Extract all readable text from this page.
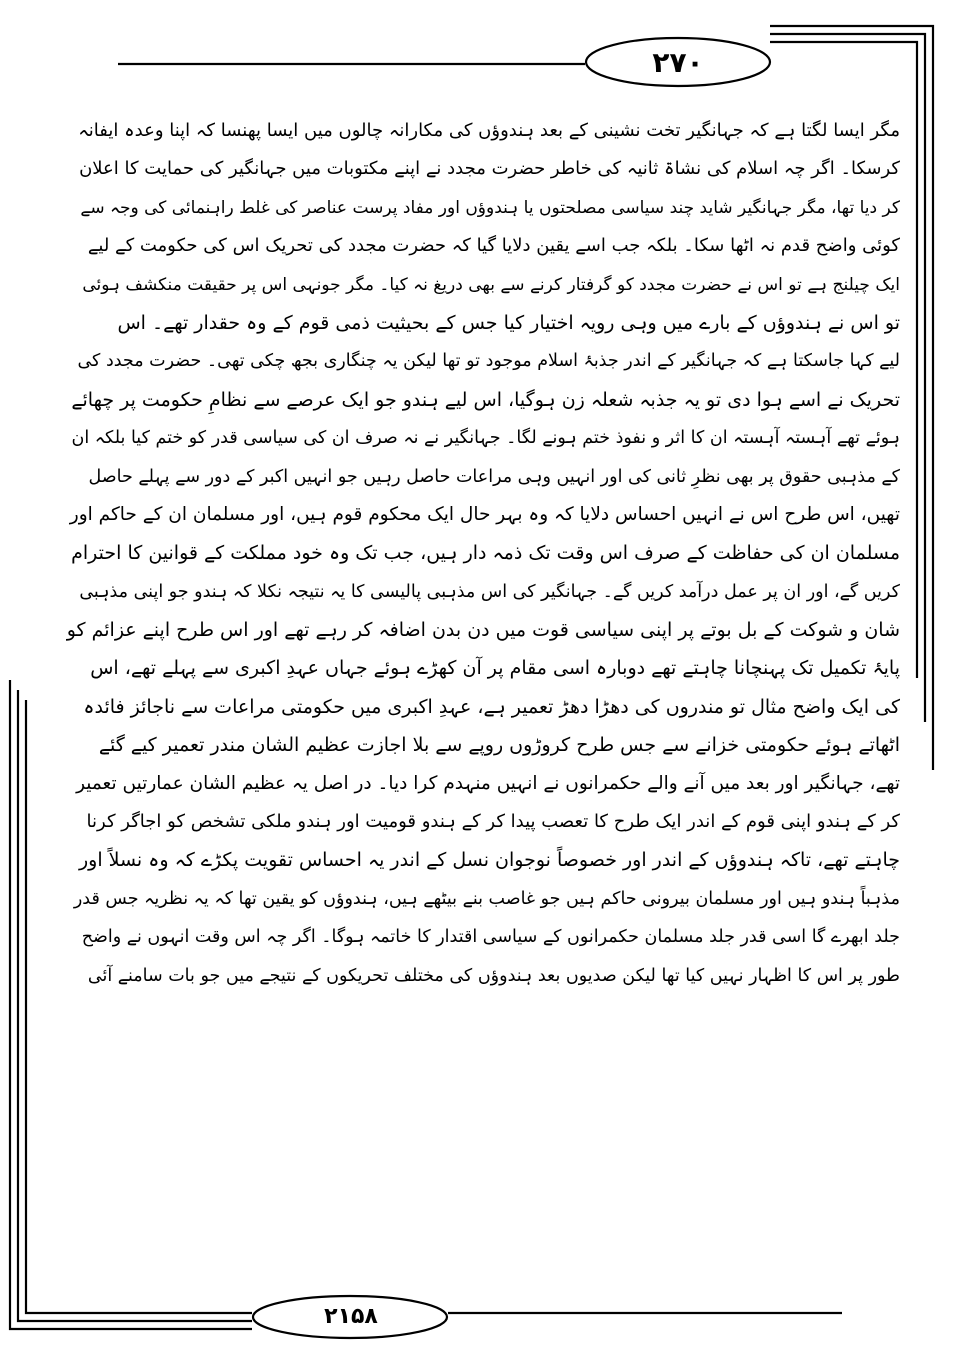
۲۷۰
۲۱۵۸
مگر ایسا لگتا ہے کہ جہانگیر تخت نشینی کے بعد ہندوؤں کی مکارانہ چالوں میں ایسا پھنسا کہ اپنا وعدہ ایفانہ
کرسکا۔ اگر چہ اسلام کی نشاۃ ثانیہ کی خاطر حضرت مجدد نے اپنے مکتوبات میں جہانگیر کی حمایت کا اعلان
کر دیا تھا، مگر جہانگیر شاید چند سیاسی مصلحتوں یا ہندوؤں اور مفاد پرست عناصر کی غلط راہنمائی کی وجہ سے
کوئی واضح قدم نہ اٹھا سکا۔ بلکہ جب اسے یقین دلایا گیا کہ حضرت مجدد کی تحریک اس کی حکومت کے لیے
ایک چیلنج ہے تو اس نے حضرت مجدد کو گرفتار کرنے سے بھی دریغ نہ کیا۔ مگر جونہی اس پر حقیقت منکشف ہوئی
تو اس نے ہندوؤں کے بارے میں وہی رویہ اختیار کیا جس کے بحیثیت ذمی قوم کے وہ حقدار تھے۔ اس
لیے کہا جاسکتا ہے کہ جہانگیر کے اندر جذبۂ اسلام موجود تو تھا لیکن یہ چنگاری بجھ چکی تھی۔ حضرت مجدد کی
تحریک نے اسے ہوا دی تو یہ جذبہ شعلہ زن ہوگیا، اس لیے ہندو جو ایک عرصے سے نظامِ حکومت پر چھائے
ہوئے تھے آہستہ آہستہ ان کا اثر و نفوذ ختم ہونے لگا۔ جہانگیر نے نہ صرف ان کی سیاسی قدر کو ختم کیا بلکہ ان
کے مذہبی حقوق پر بھی نظرِ ثانی کی اور انہیں وہی مراعات حاصل رہیں جو انہیں اکبر کے دور سے پہلے حاصل
تھیں، اس طرح اس نے انہیں احساس دلایا کہ وہ بہر حال ایک محکوم قوم ہیں، اور مسلمان ان کے حاکم اور
مسلمان ان کی حفاظت کے صرف اس وقت تک ذمہ دار ہیں، جب تک وہ خود مملکت کے قوانین کا احترام
کریں گے، اور ان پر عمل درآمد کریں گے۔ جہانگیر کی اس مذہبی پالیسی کا یہ نتیجہ نکلا کہ ہندو جو اپنی مذہبی
شان و شوکت کے بل بوتے پر اپنی سیاسی قوت میں دن بدن اضافہ کر رہے تھے اور اس طرح اپنے عزائم کو
پایۂ تکمیل تک پہنچانا چاہتے تھے دوبارہ اسی مقام پر آن کھڑے ہوئے جہاں عہدِ اکبری سے پہلے تھے، اس
کی ایک واضح مثال تو مندروں کی دھڑا دھڑ تعمیر ہے، عہدِ اکبری میں حکومتی مراعات سے ناجائز فائدہ
اٹھاتے ہوئے حکومتی خزانے سے جس طرح کروڑوں روپے سے بلا اجازت عظیم الشان مندر تعمیر کیے گئے
تھے، جہانگیر اور بعد میں آنے والے حکمرانوں نے انہیں منہدم کرا دیا۔ در اصل یہ عظیم الشان عمارتیں تعمیر
کر کے ہندو اپنی قوم کے اندر ایک طرح کا تعصب پیدا کر کے ہندو قومیت اور ہندو ملکی تشخص کو اجاگر کرنا
چاہتے تھے، تاکہ ہندوؤں کے اندر اور خصوصاً نوجوان نسل کے اندر یہ احساس تقویت پکڑے کہ وہ نسلاً اور
مذہباً ہندو ہیں اور مسلمان بیرونی حاکم ہیں جو غاصب بنے بیٹھے ہیں، ہندوؤں کو یقین تھا کہ یہ نظریہ جس قدر
جلد ابھرے گا اسی قدر جلد مسلمان حکمرانوں کے سیاسی اقتدار کا خاتمہ ہوگا۔ اگر چہ اس وقت انہوں نے واضح
طور پر اس کا اظہار نہیں کیا تھا لیکن صدیوں بعد ہندوؤں کی مختلف تحریکوں کے نتیجے میں جو بات سامنے آئی
